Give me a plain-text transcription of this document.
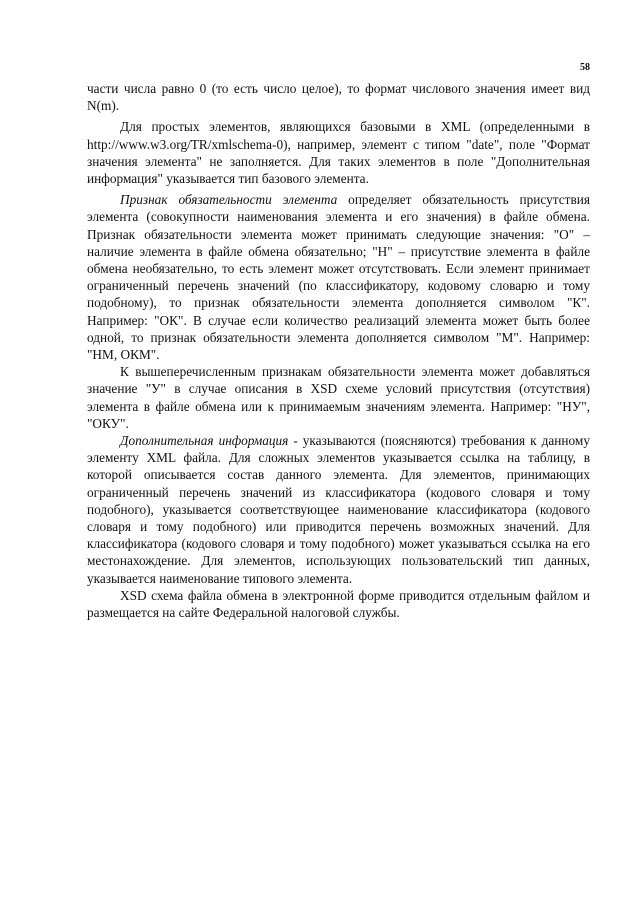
58

части числа равно 0 (то есть число целое), то формат числового значения имеет вид N(m).

Для простых элементов, являющихся базовыми в XML (определенными в http://www.w3.org/TR/xmlschema-0), например, элемент с типом "date", поле "Формат значения элемента" не заполняется. Для таких элементов в поле "Дополнительная информация" указывается тип базового элемента.

Признак обязательности элемента определяет обязательность присутствия элемента (совокупности наименования элемента и его значения) в файле обмена. Признак обязательности элемента может принимать следующие значения: "О" – наличие элемента в файле обмена обязательно; "Н" – присутствие элемента в файле обмена необязательно, то есть элемент может отсутствовать. Если элемент принимает ограниченный перечень значений (по классификатору, кодовому словарю и тому подобному), то признак обязательности элемента дополняется символом "К". Например: "ОК". В случае если количество реализаций элемента может быть более одной, то признак обязательности элемента дополняется символом "М". Например: "НМ, ОКМ".

К вышеперечисленным признакам обязательности элемента может добавляться значение "У" в случае описания в XSD схеме условий присутствия (отсутствия) элемента в файле обмена или к принимаемым значениям элемента. Например: "НУ", "ОКУ".

Дополнительная информация - указываются (поясняются) требования к данному элементу XML файла. Для сложных элементов указывается ссылка на таблицу, в которой описывается состав данного элемента. Для элементов, принимающих ограниченный перечень значений из классификатора (кодового словаря и тому подобного), указывается соответствующее наименование классификатора (кодового словаря и тому подобного) или приводится перечень возможных значений. Для классификатора (кодового словаря и тому подобного) может указываться ссылка на его местонахождение. Для элементов, использующих пользовательский тип данных, указывается наименование типового элемента.

XSD схема файла обмена в электронной форме приводится отдельным файлом и размещается на сайте Федеральной налоговой службы.
